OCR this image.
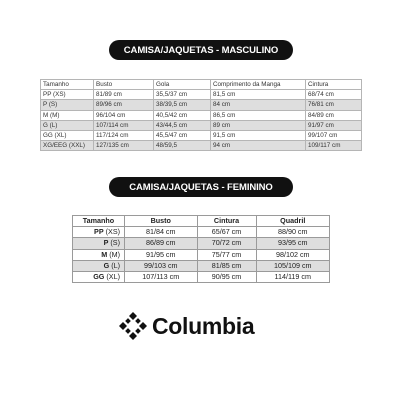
CAMISA/JAQUETAS - MASCULINO
Tamanho	Busto	Gola	Comprimento da Manga	Cintura
PP (XS)	81/89 cm	35,5/37 cm	81,5 cm	68/74 cm
P (S)	89/96 cm	38/39,5 cm	84 cm	76/81 cm
M (M)	96/104 cm	40,5/42 cm	86,5 cm	84/89 cm
G (L)	107/114 cm	43/44,5 cm	89 cm	91/97 cm
GG (XL)	117/124 cm	45,5/47 cm	91,5 cm	99/107 cm
XG/EEG (XXL)	127/135 cm	48/59,5	94 cm	109/117 cm
CAMISA/JAQUETAS - FEMININO
Tamanho	Busto	Cintura	Quadril
PP (XS)	81/84 cm	65/67 cm	88/90 cm
P (S)	86/89 cm	70/72 cm	93/95 cm
M (M)	91/95 cm	75/77 cm	98/102 cm
G (L)	99/103 cm	81/85 cm	105/109 cm
GG (XL)	107/113 cm	90/95 cm	114/119 cm
Columbia
